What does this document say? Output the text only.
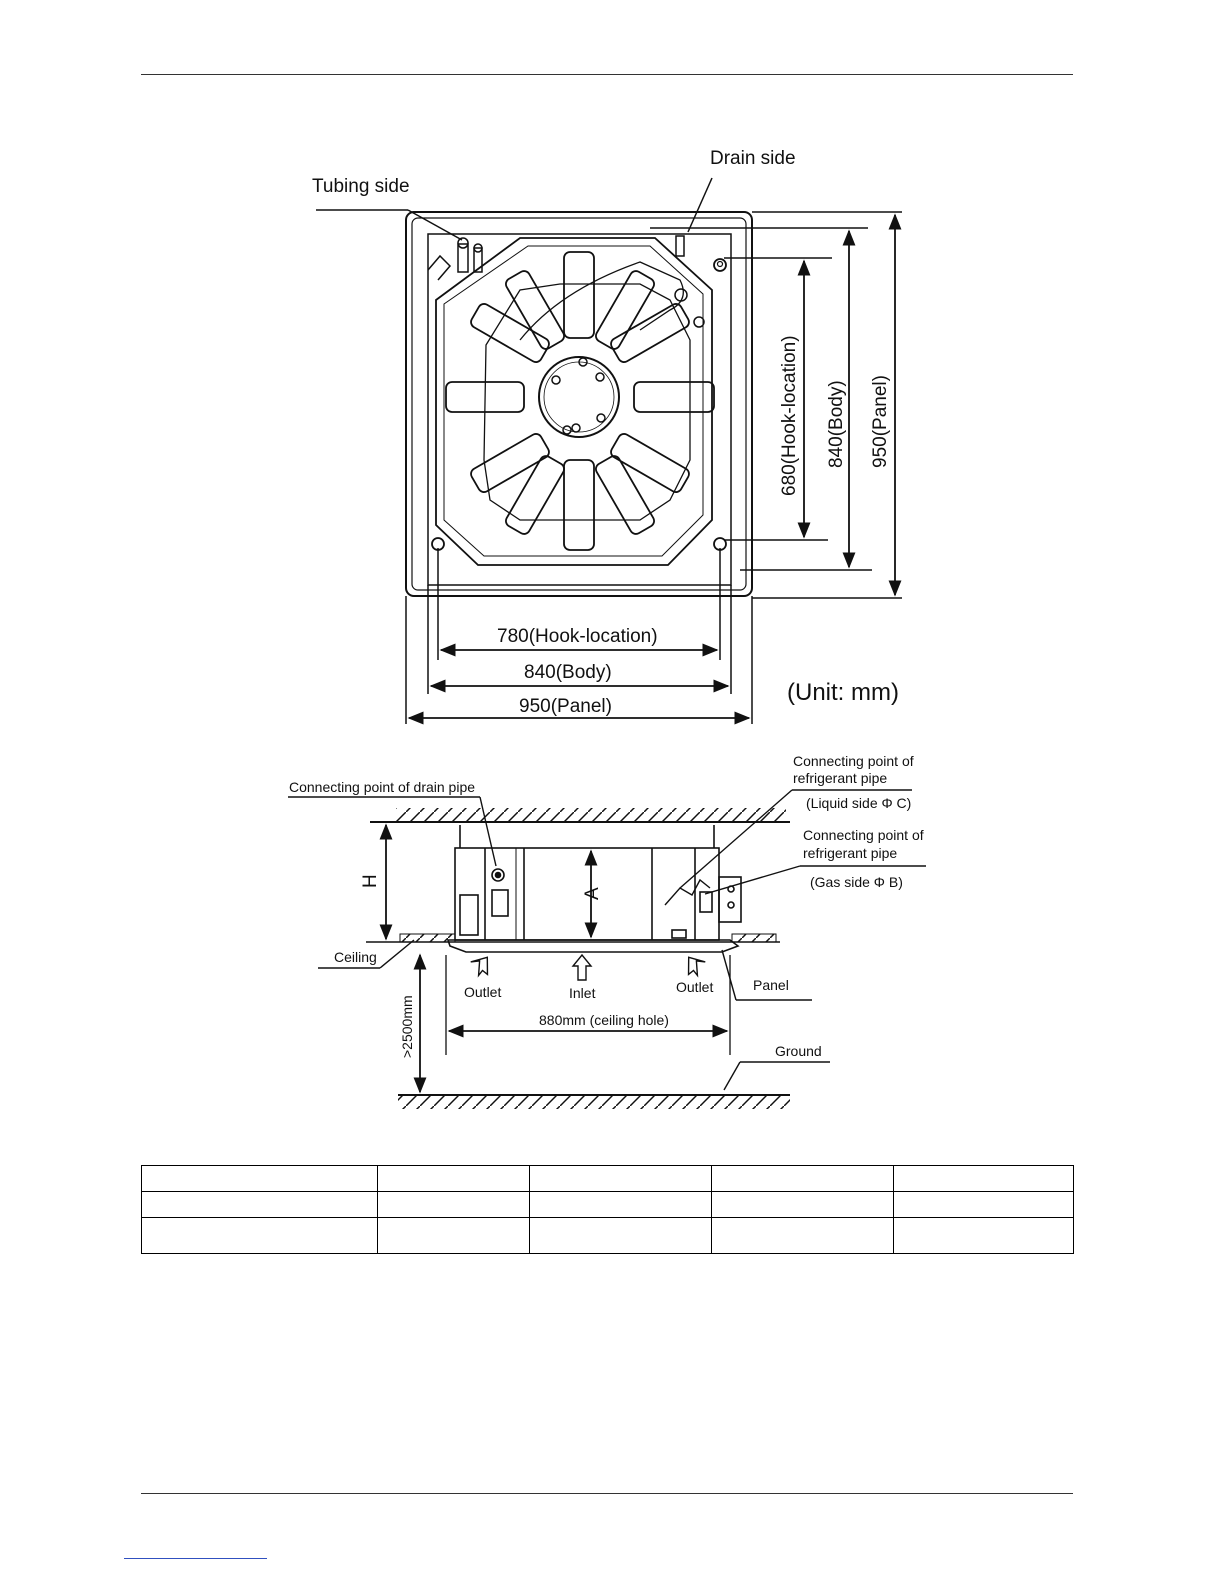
Tubing side
Drain side
780(Hook-location)
840(Body)
950(Panel)
680(Hook-location) 840(Body) 950(Panel)
(Unit: mm)
Connecting point of drain pipe
Connecting point of
refrigerant pipe
(Liquid side Φ C)
Connecting point of
refrigerant pipe
(Gas side Φ B)
H
A
Ceiling
Outlet	Inlet	Outlet	Panel
880mm (ceiling hole)
>2500mm	Ground
